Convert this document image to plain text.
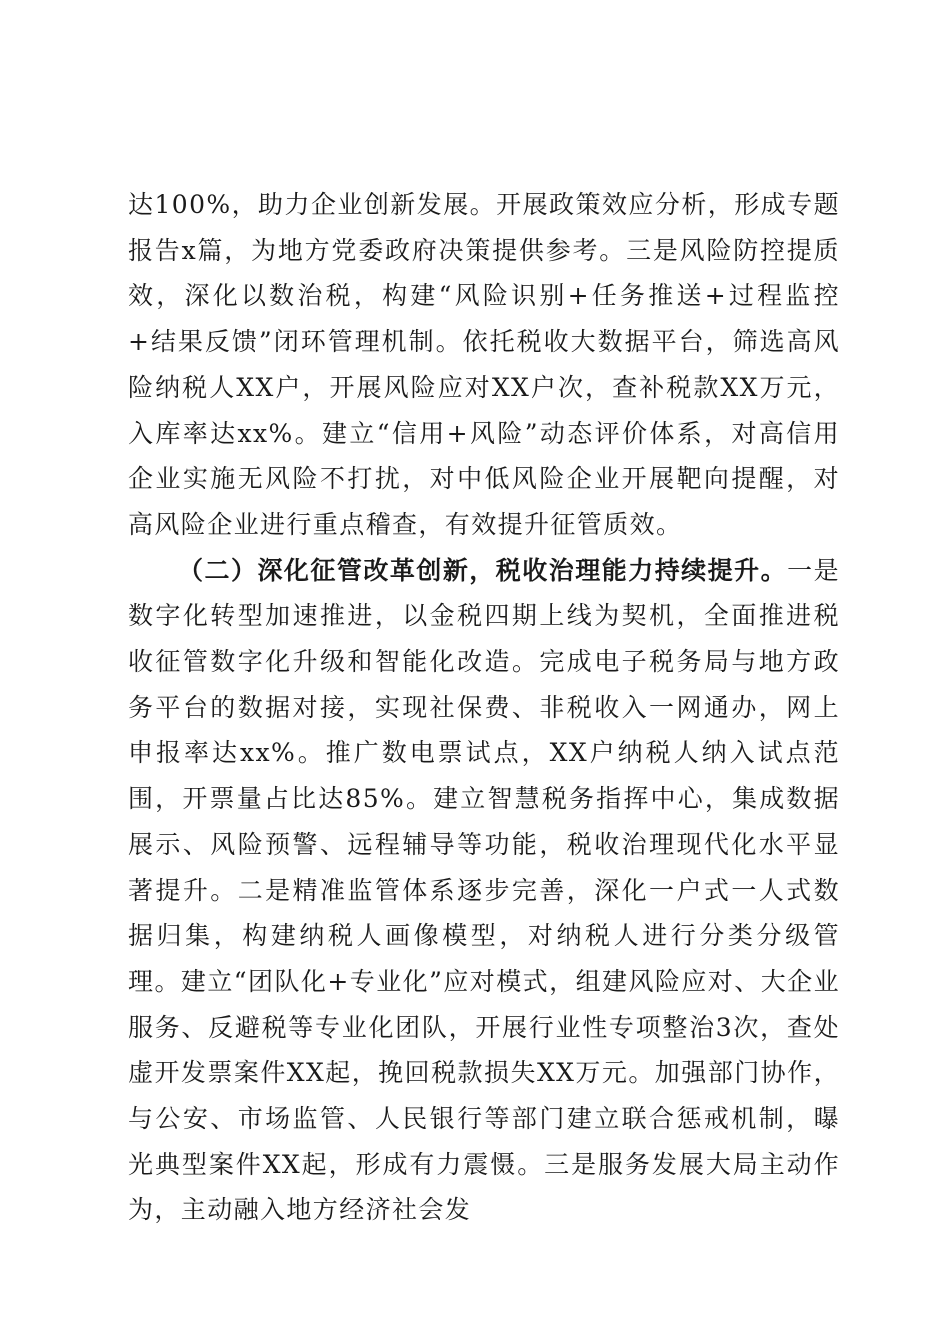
达100%，助力企业创新发展。开展政策效应分析，形成专题报告x篇，为地方党委政府决策提供参考。三是风险防控提质效，深化以数治税，构建“风险识别+任务推送+过程监控+结果反馈”闭环管理机制。依托税收大数据平台，筛选高风险纳税人XX户，开展风险应对XX户次，查补税款XX万元，入库率达xx%。建立“信用+风险”动态评价体系，对高信用企业实施无风险不打扰，对中低风险企业开展靶向提醒，对高风险企业进行重点稽查，有效提升征管质效。

（二）深化征管改革创新，税收治理能力持续提升。一是数字化转型加速推进，以金税四期上线为契机，全面推进税收征管数字化升级和智能化改造。完成电子税务局与地方政务平台的数据对接，实现社保费、非税收入一网通办，网上申报率达xx%。推广数电票试点，XX户纳税人纳入试点范围，开票量占比达85%。建立智慧税务指挥中心，集成数据展示、风险预警、远程辅导等功能，税收治理现代化水平显著提升。二是精准监管体系逐步完善，深化一户式一人式数据归集，构建纳税人画像模型，对纳税人进行分类分级管理。建立“团队化+专业化”应对模式，组建风险应对、大企业服务、反避税等专业化团队，开展行业性专项整治3次，查处虚开发票案件XX起，挽回税款损失XX万元。加强部门协作，与公安、市场监管、人民银行等部门建立联合惩戒机制，曝光典型案件XX起，形成有力震慑。三是服务发展大局主动作为，主动融入地方经济社会发
